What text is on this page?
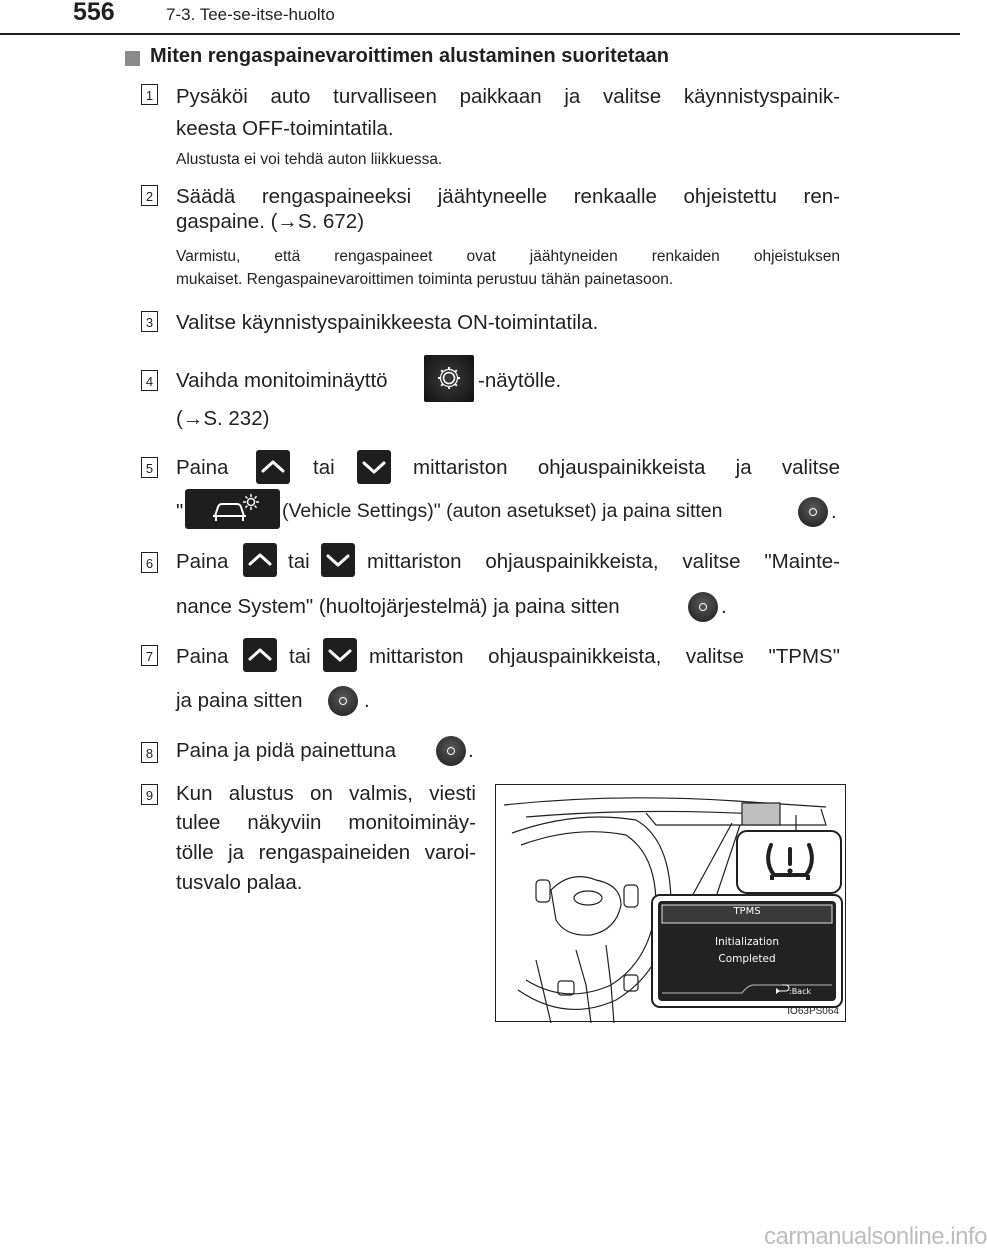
556	7-3. Tee-se-itse-huolto
Miten rengaspainevaroittimen alustaminen suoritetaan
1 Pysäköi auto turvalliseen paikkaan ja valitse käynnistyspainik-
keesta OFF-toimintatila.
Alustusta ei voi tehdä auton liikkuessa.
2 Säädä rengaspaineeksi jäähtyneelle renkaalle ohjeistettu ren-
gaspaine. (→S. 672)
Varmistu, että rengaspaineet ovat jäähtyneiden renkaiden ohjeistuksen
mukaiset. Rengaspainevaroittimen toiminta perustuu tähän painetasoon.
3 Valitse käynnistyspainikkeesta ON-toimintatila.
4 Vaihda monitoiminäyttö	-näytölle.
(→S. 232)
5 Paina	tai	mittariston ohjauspainikkeista ja valitse
"	(Vehicle Settings)" (auton asetukset) ja paina sitten	.
6 Paina	tai	mittariston ohjauspainikkeista, valitse "Mainte-
nance System" (huoltojärjestelmä) ja paina sitten	.
7 Paina	tai	mittariston ohjauspainikkeista, valitse "TPMS"
ja paina sitten	.
8 Paina ja pidä painettuna	.
9 Kun alustus on valmis, viesti
tulee näkyviin monitoiminäy-
tölle ja rengaspaineiden varoi-
tusvalo palaa.
TPMS
Initialization
Completed
:Back
IO63PS064
carmanualsonline.info
